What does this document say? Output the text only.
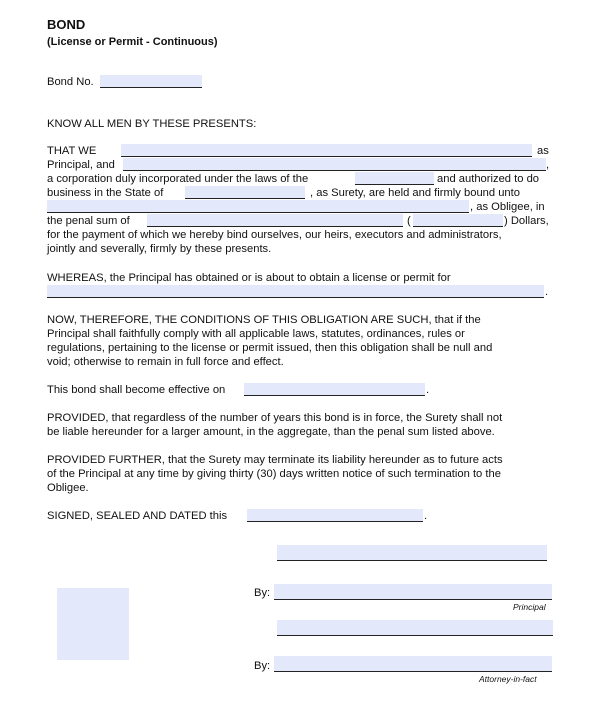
BOND
(License or Permit - Continuous)
Bond No.
KNOW ALL MEN BY THESE PRESENTS:
THAT WE	as
Principal, and	,
a corporation duly incorporated under the laws of the	and authorized to do
business in the State of	, as Surety, are held and firmly bound unto
, as Obligee, in
the penal sum of	(	) Dollars,
for the payment of which we hereby bind ourselves, our heirs, executors and administrators,
jointly and severally, firmly by these presents.
WHEREAS, the Principal has obtained or is about to obtain a license or permit for
.
NOW, THEREFORE, THE CONDITIONS OF THIS OBLIGATION ARE SUCH, that if the
Principal shall faithfully comply with all applicable laws, statutes, ordinances, rules or
regulations, pertaining to the license or permit issued, then this obligation shall be null and
void; otherwise to remain in full force and effect.
This bond shall become effective on	.
PROVIDED, that regardless of the number of years this bond is in force, the Surety shall not
be liable hereunder for a larger amount, in the aggregate, than the penal sum listed above.
PROVIDED FURTHER, that the Surety may terminate its liability hereunder as to future acts
of the Principal at any time by giving thirty (30) days written notice of such termination to the
Obligee.
SIGNED, SEALED AND DATED this	.
By:
Principal
By:
Attorney-in-fact
